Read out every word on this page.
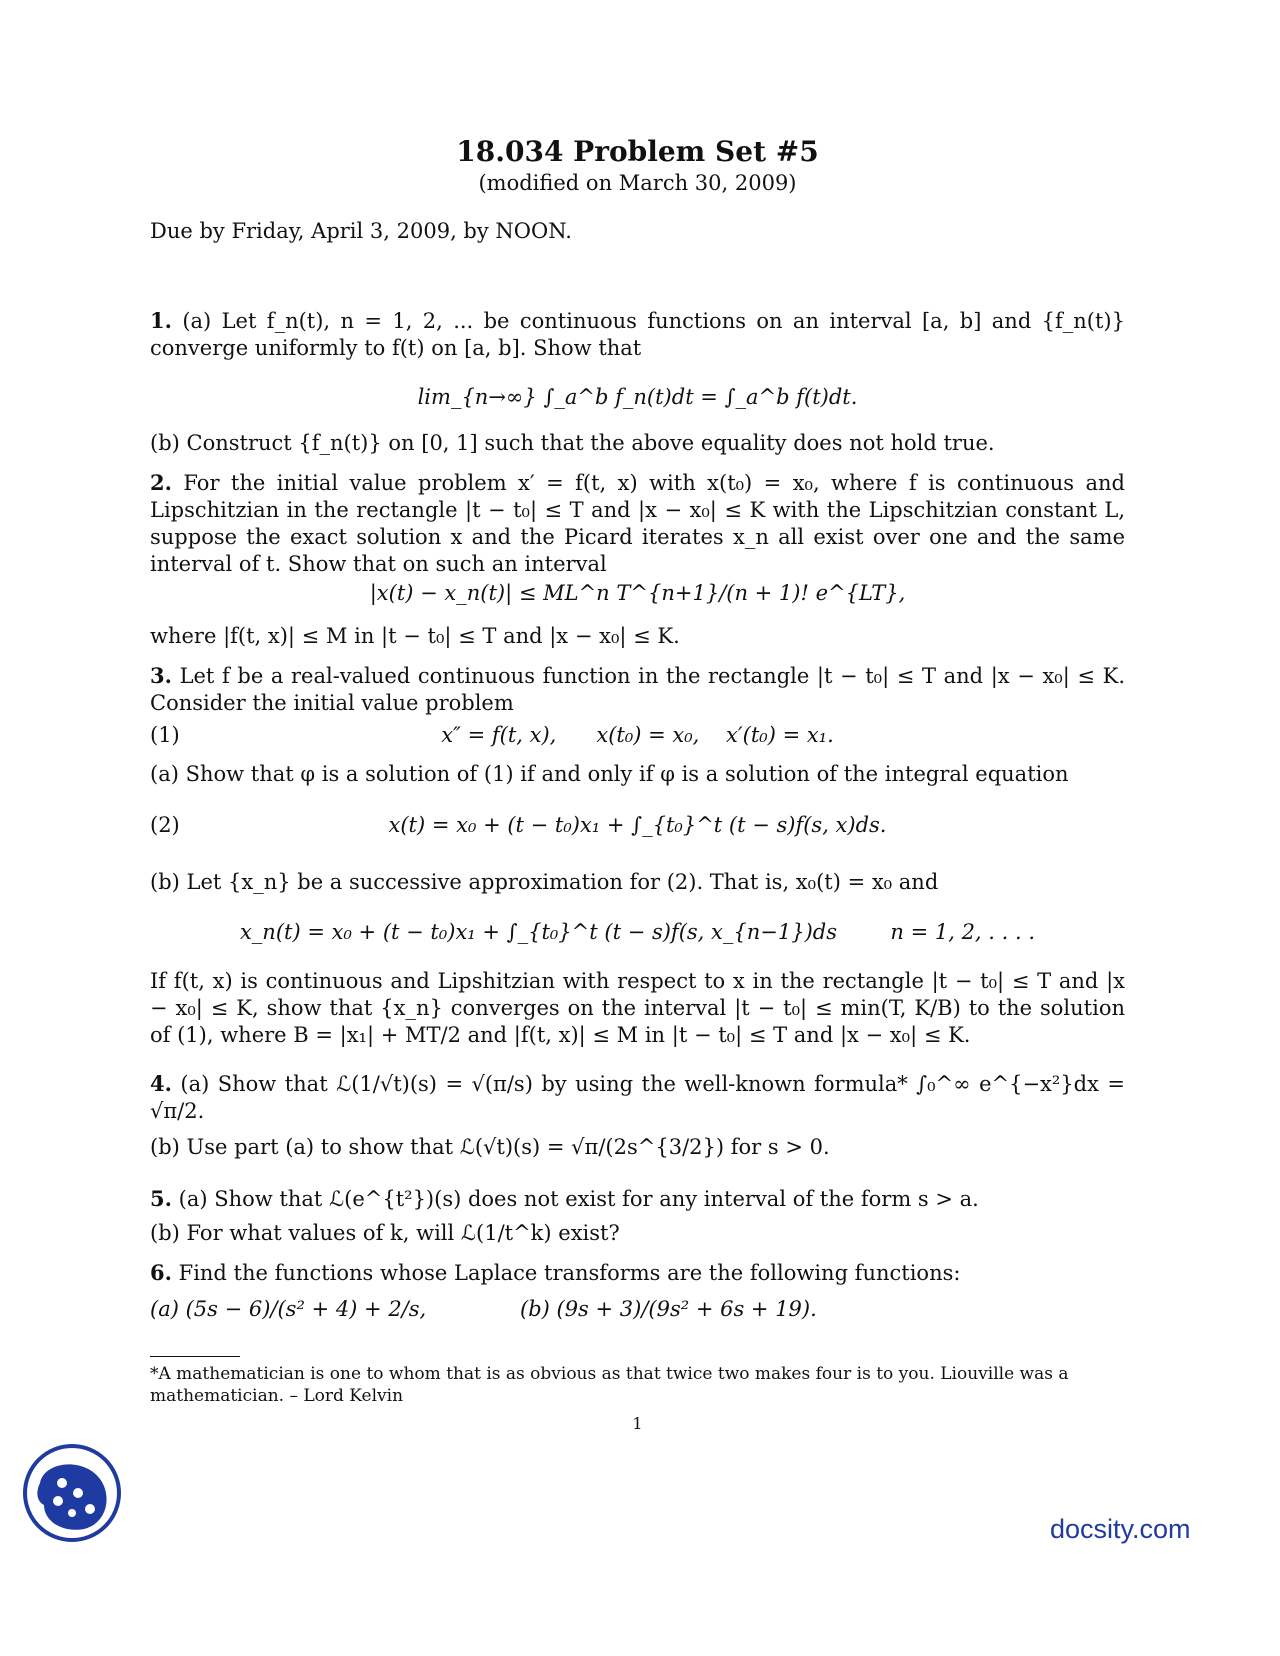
18.034 Problem Set #5
(modified on March 30, 2009)
Due by Friday, April 3, 2009, by NOON.
1. (a) Let f_n(t), n = 1, 2, ... be continuous functions on an interval [a, b] and {f_n(t)} converge uniformly to f(t) on [a, b]. Show that
lim_{n→∞} ∫_a^b f_n(t)dt = ∫_a^b f(t)dt.
(b) Construct {f_n(t)} on [0, 1] such that the above equality does not hold true.
2. For the initial value problem x′ = f(t, x) with x(t₀) = x₀, where f is continuous and Lipschitzian in the rectangle |t − t₀| ≤ T and |x − x₀| ≤ K with the Lipschitzian constant L, suppose the exact solution x and the Picard iterates x_n all exist over one and the same interval of t. Show that on such an interval
|x(t) − x_n(t)| ≤ ML^n T^{n+1}/(n + 1)! e^{LT},
where |f(t, x)| ≤ M in |t − t₀| ≤ T and |x − x₀| ≤ K.
3. Let f be a real-valued continuous function in the rectangle |t − t₀| ≤ T and |x − x₀| ≤ K. Consider the initial value problem
(1)	x″ = f(t, x),      x(t₀) = x₀,    x′(t₀) = x₁.
(a) Show that φ is a solution of (1) if and only if φ is a solution of the integral equation
(2)	x(t) = x₀ + (t − t₀)x₁ + ∫_{t₀}^t (t − s)f(s, x)ds.
(b) Let {x_n} be a successive approximation for (2). That is, x₀(t) = x₀ and
x_n(t) = x₀ + (t − t₀)x₁ + ∫_{t₀}^t (t − s)f(s, x_{n−1})ds        n = 1, 2, . . . .
If f(t, x) is continuous and Lipshitzian with respect to x in the rectangle |t − t₀| ≤ T and |x − x₀| ≤ K, show that {x_n} converges on the interval |t − t₀| ≤ min(T, K/B) to the solution of (1), where B = |x₁| + MT/2 and |f(t, x)| ≤ M in |t − t₀| ≤ T and |x − x₀| ≤ K.
4. (a) Show that ℒ(1/√t)(s) = √(π/s) by using the well-known formula* ∫₀^∞ e^{−x²}dx = √π/2.
(b) Use part (a) to show that ℒ(√t)(s) = √π/(2s^{3/2}) for s > 0.
5. (a) Show that ℒ(e^{t²})(s) does not exist for any interval of the form s > a.
(b) For what values of k, will ℒ(1/t^k) exist?
6. Find the functions whose Laplace transforms are the following functions:
(a) (5s − 6)/(s² + 4) + 2/s,	(b) (9s + 3)/(9s² + 6s + 19).
*A mathematician is one to whom that is as obvious as that twice two makes four is to you. Liouville was a mathematician. – Lord Kelvin
1
docsity.com
